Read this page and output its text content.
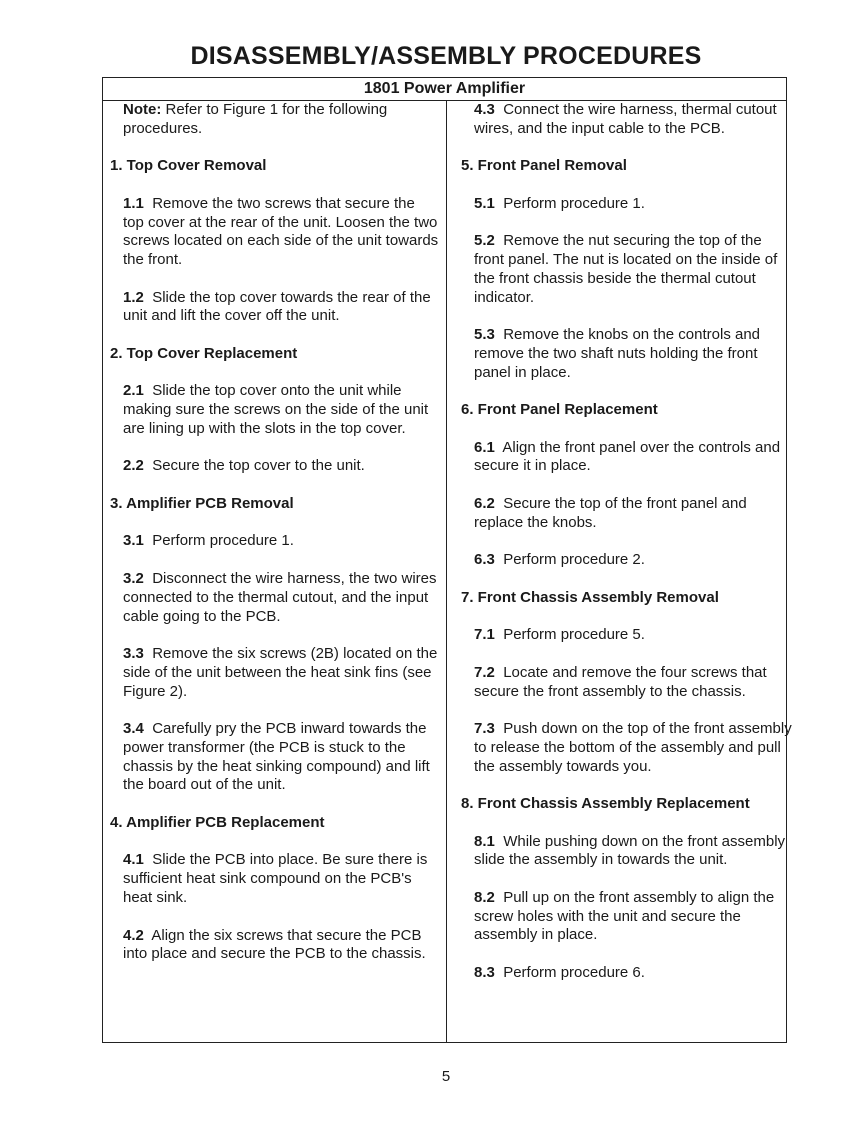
DISASSEMBLY/ASSEMBLY PROCEDURES
1801 Power Amplifier
Note: Refer to Figure 1 for the following procedures.
1. Top Cover Removal
1.1 Remove the two screws that secure the top cover at the rear of the unit. Loosen the two screws located on each side of the unit towards the front.
1.2 Slide the top cover towards the rear of the unit and lift the cover off the unit.
2. Top Cover Replacement
2.1 Slide the top cover onto the unit while making sure the screws on the side of the unit are lining up with the slots in the top cover.
2.2 Secure the top cover to the unit.
3. Amplifier PCB Removal
3.1 Perform procedure 1.
3.2 Disconnect the wire harness, the two wires connected to the thermal cutout, and the input cable going to the PCB.
3.3 Remove the six screws (2B) located on the side of the unit between the heat sink fins (see Figure 2).
3.4 Carefully pry the PCB inward towards the power transformer (the PCB is stuck to the chassis by the heat sinking compound) and lift the board out of the unit.
4. Amplifier PCB Replacement
4.1 Slide the PCB into place. Be sure there is sufficient heat sink compound on the PCB's heat sink.
4.2 Align the six screws that secure the PCB into place and secure the PCB to the chassis.
4.3 Connect the wire harness, thermal cutout wires, and the input cable to the PCB.
5. Front Panel Removal
5.1 Perform procedure 1.
5.2 Remove the nut securing the top of the front panel. The nut is located on the inside of the front chassis beside the thermal cutout indicator.
5.3 Remove the knobs on the controls and remove the two shaft nuts holding the front panel in place.
6. Front Panel Replacement
6.1 Align the front panel over the controls and secure it in place.
6.2 Secure the top of the front panel and replace the knobs.
6.3 Perform procedure 2.
7. Front Chassis Assembly Removal
7.1 Perform procedure 5.
7.2 Locate and remove the four screws that secure the front assembly to the chassis.
7.3 Push down on the top of the front assembly to release the bottom of the assembly and pull the assembly towards you.
8. Front Chassis Assembly Replacement
8.1 While pushing down on the front assembly slide the assembly in towards the unit.
8.2 Pull up on the front assembly to align the screw holes with the unit and secure the assembly in place.
8.3 Perform procedure 6.
5
